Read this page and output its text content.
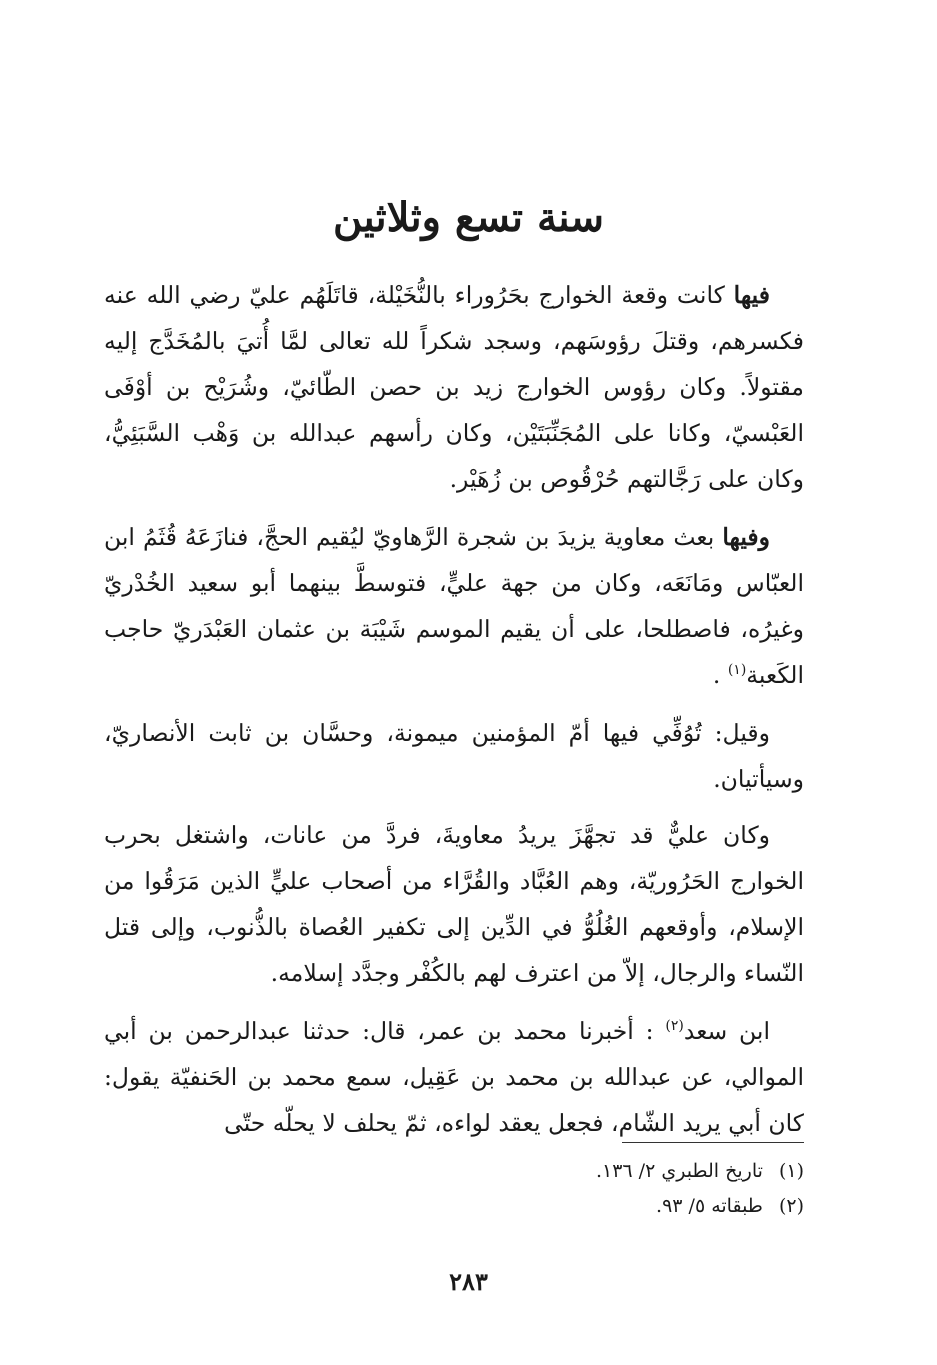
سنة تسع وثلاثين

فيها كانت وقعة الخوارج بحَرُوراء بالنُّخَيْلة، قاتَلَهُم عليّ رضي الله عنه فكسرهم، وقتلَ رؤوسَهم، وسجد شكراً لله تعالى لمَّا أُتيَ بالمُخَدَّج إليه مقتولاً. وكان رؤوس الخوارج زيد بن حصن الطّائيّ، وشُرَيْح بن أوْفَى العَبْسيّ، وكانا على المُجَنِّبَتَيْن، وكان رأسهم عبدالله بن وَهْب السَّبَئِيُّ، وكان على رَجَّالتهم حُرْقُوص بن زُهَيْر.

وفيها بعث معاوية يزيدَ بن شجرة الرَّهاويّ ليُقيم الحجَّ، فنازَعَهُ قُثَمُ ابن العبّاس ومَانَعَه، وكان من جهة عليٍّ، فتوسطَّ بينهما أبو سعيد الخُدْريّ وغيرُه، فاصطلحا، على أن يقيم الموسم شَيْبَة بن عثمان العَبْدَريّ حاجب الكَعبة$^{(١)}$ .

وقيل: تُوُفِّي فيها أمّ المؤمنين ميمونة، وحسَّان بن ثابت الأنصاريّ، وسيأتيان.

وكان عليٌّ قد تجهَّزَ يريدُ معاويةَ، فردَّ من عانات، واشتغل بحرب الخوارج الحَرُوريّة، وهم العُبَّاد والقُرَّاء من أصحاب عليٍّ الذين مَرَقُوا من الإسلام، وأوقعهم الغُلُوُّ في الدِّين إلى تكفير العُصاة بالذُّنوب، وإلى قتل النّساء والرجال، إلاّ من اعترف لهم بالكُفْر وجدَّد إسلامه.

ابن سعد$^{(٢)}$ : أخبرنا محمد بن عمر، قال: حدثنا عبدالرحمن بن أبي الموالي، عن عبدالله بن محمد بن عَقِيل، سمع محمد بن الحَنفيّة يقول: كان أبي يريد الشّام، فجعل يعقد لواءه، ثمّ يحلف لا يحلّه حتّى

(١)تاريخ الطبري ٢/ ١٣٦.

(٢)طبقاته ٥/ ٩٣.

٢٨٣
